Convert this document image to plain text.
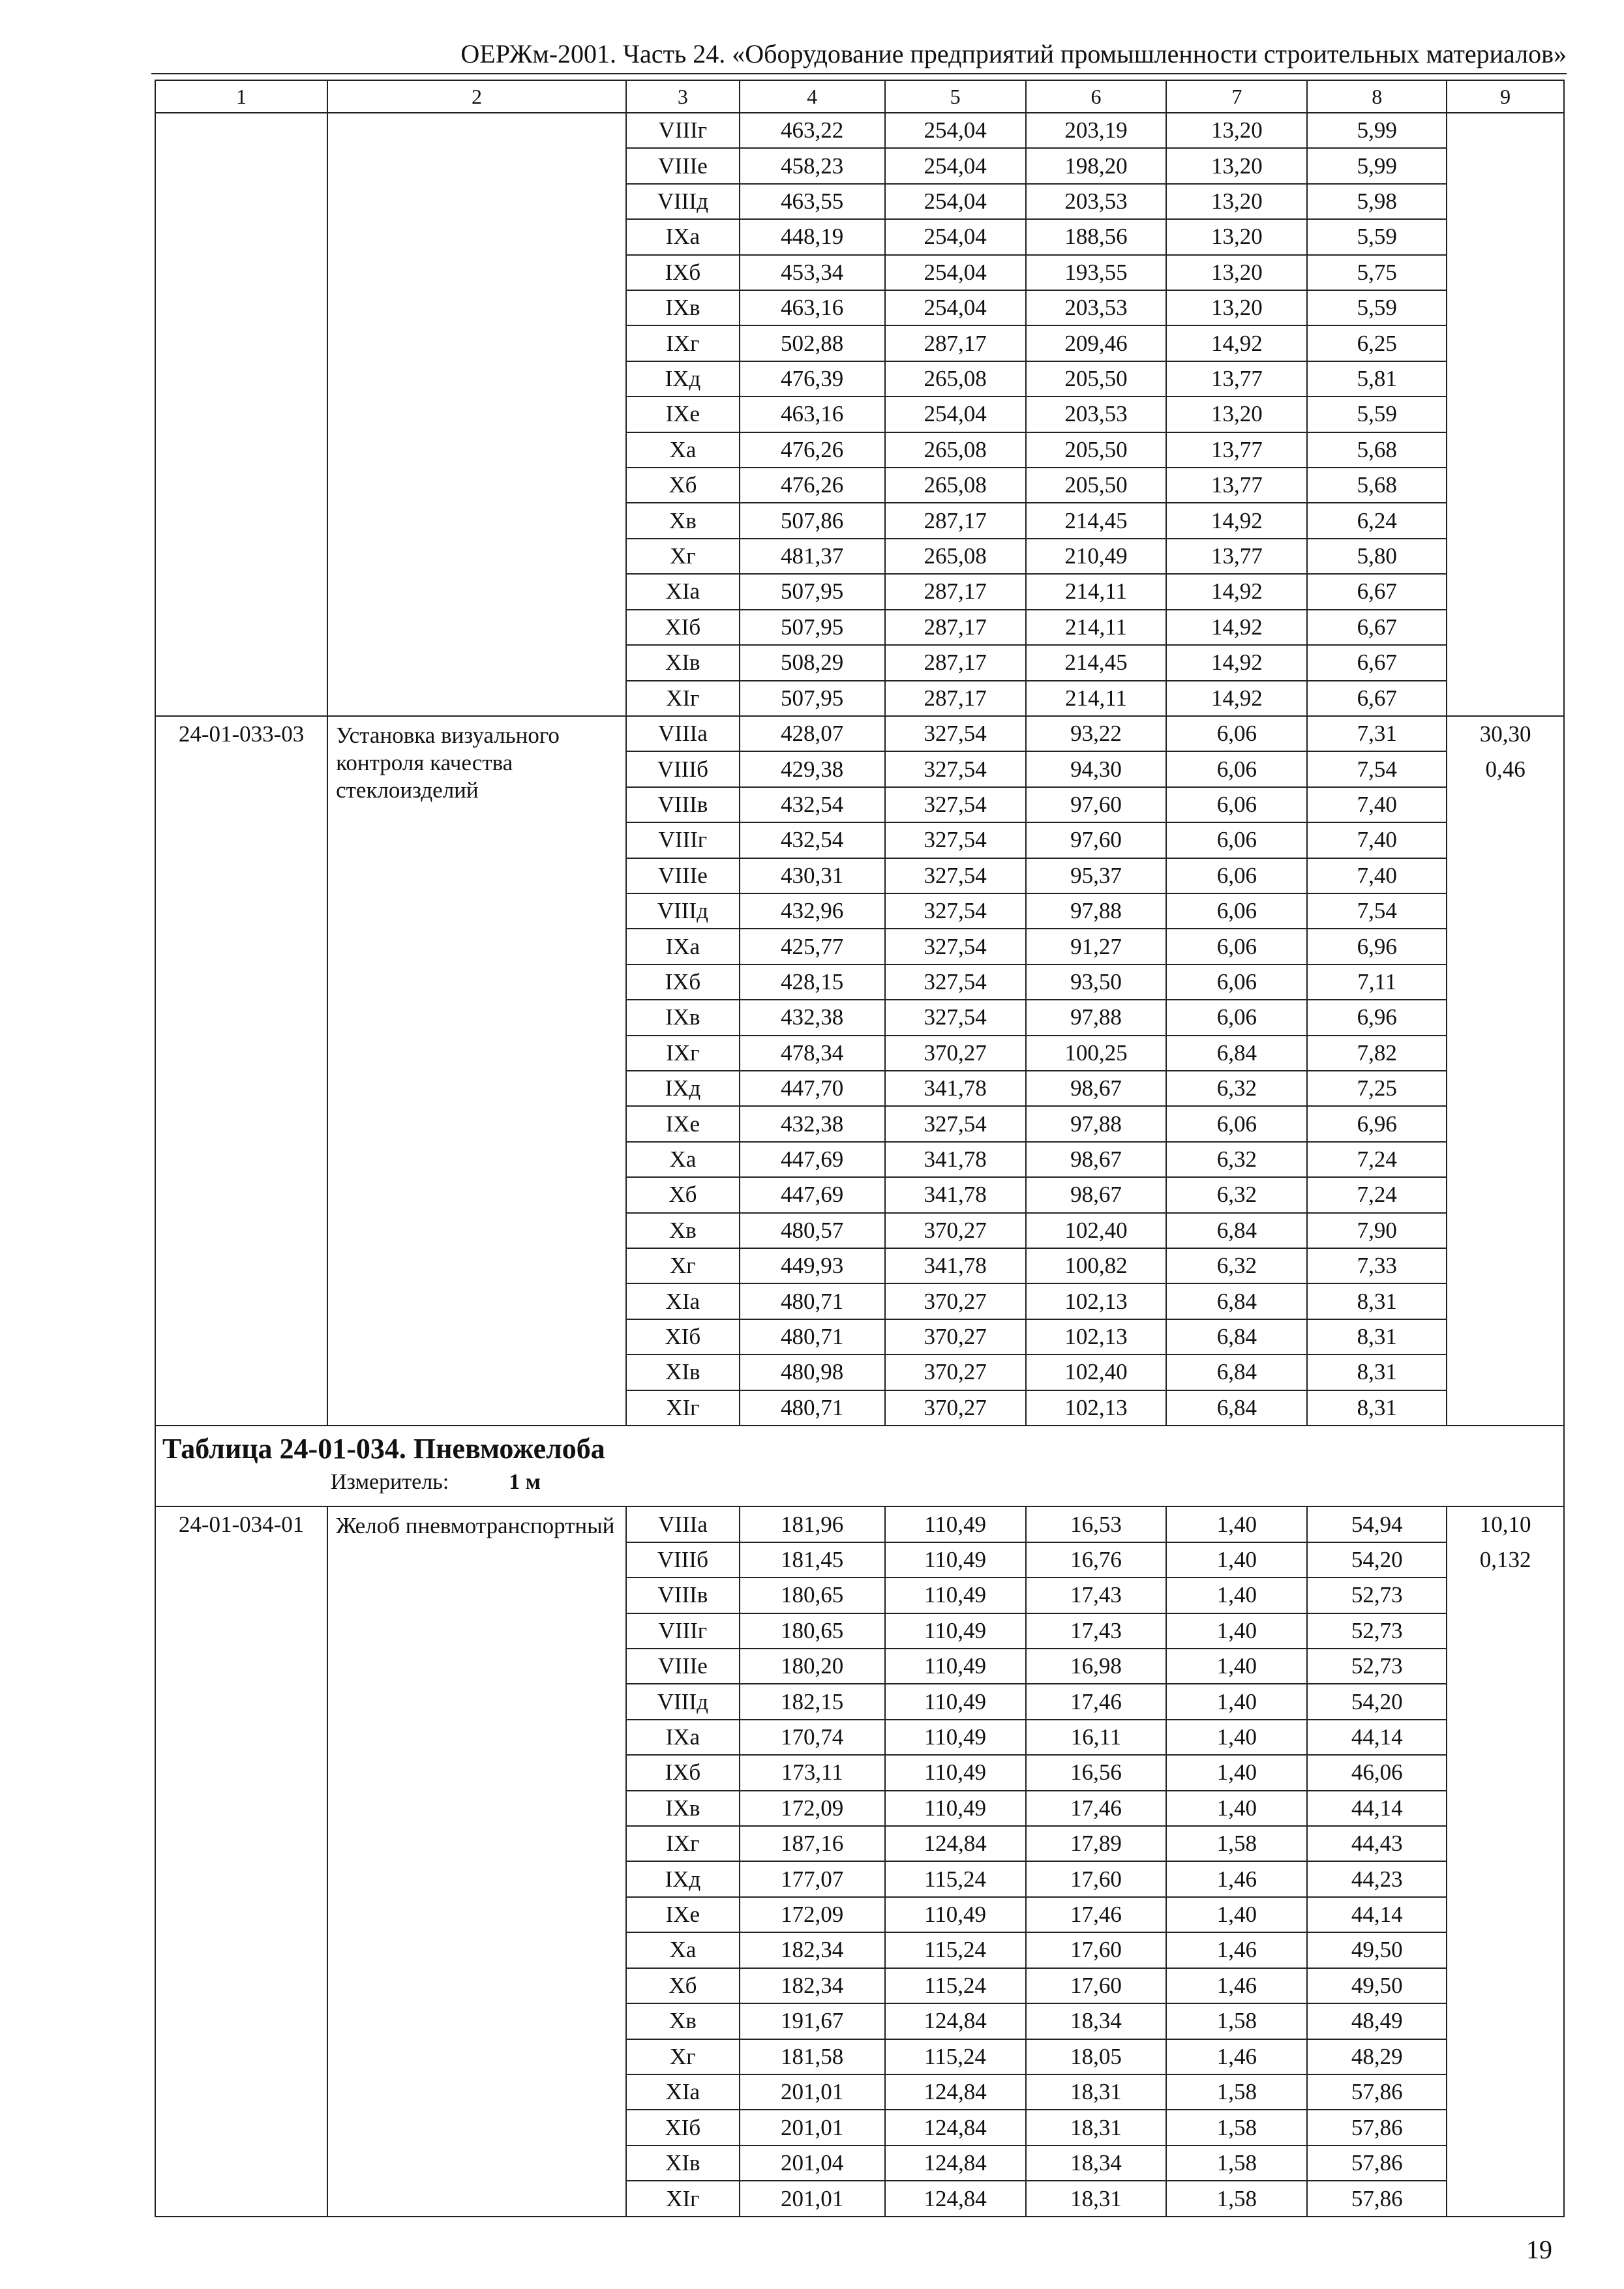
ОЕРЖм-2001. Часть 24. «Оборудование предприятий промышленности строительных материалов»
1	2	3	4	5	6	7	8	9
		VIIIг	463,22	254,04	203,19	13,20	5,99	
		VIIIе	458,23	254,04	198,20	13,20	5,99	
		VIIIд	463,55	254,04	203,53	13,20	5,98	
		IXа	448,19	254,04	188,56	13,20	5,59	
		IXб	453,34	254,04	193,55	13,20	5,75	
		IXв	463,16	254,04	203,53	13,20	5,59	
		IXг	502,88	287,17	209,46	14,92	6,25	
		IXд	476,39	265,08	205,50	13,77	5,81	
		IXе	463,16	254,04	203,53	13,20	5,59	
		Xа	476,26	265,08	205,50	13,77	5,68	
		Xб	476,26	265,08	205,50	13,77	5,68	
		Xв	507,86	287,17	214,45	14,92	6,24	
		Xг	481,37	265,08	210,49	13,77	5,80	
		XIа	507,95	287,17	214,11	14,92	6,67	
		XIб	507,95	287,17	214,11	14,92	6,67	
		XIв	508,29	287,17	214,45	14,92	6,67	
		XIг	507,95	287,17	214,11	14,92	6,67	
24-01-033-03	Установка визуального контроля качества стеклоизделий	VIIIа	428,07	327,54	93,22	6,06	7,31	30,30
0,46

		VIIIб	429,38	327,54	94,30	6,06	7,54	
		VIIIв	432,54	327,54	97,60	6,06	7,40	
		VIIIг	432,54	327,54	97,60	6,06	7,40	
		VIIIе	430,31	327,54	95,37	6,06	7,40	
		VIIIд	432,96	327,54	97,88	6,06	7,54	
		IXа	425,77	327,54	91,27	6,06	6,96	
		IXб	428,15	327,54	93,50	6,06	7,11	
		IXв	432,38	327,54	97,88	6,06	6,96	
		IXг	478,34	370,27	100,25	6,84	7,82	
		IXд	447,70	341,78	98,67	6,32	7,25	
		IXе	432,38	327,54	97,88	6,06	6,96	
		Xа	447,69	341,78	98,67	6,32	7,24	
		Xб	447,69	341,78	98,67	6,32	7,24	
		Xв	480,57	370,27	102,40	6,84	7,90	
		Xг	449,93	341,78	100,82	6,32	7,33	
		XIа	480,71	370,27	102,13	6,84	8,31	
		XIб	480,71	370,27	102,13	6,84	8,31	
		XIв	480,98	370,27	102,40	6,84	8,31	
		XIг	480,71	370,27	102,13	6,84	8,31	

Таблица 24-01-034. Пневможелоба
Измеритель: 1 м								

24-01-034-01	Желоб пневмотранспортный	VIIIа	181,96	110,49	16,53	1,40	54,94	10,10
0,132

		VIIIб	181,45	110,49	16,76	1,40	54,20	
		VIIIв	180,65	110,49	17,43	1,40	52,73	
		VIIIг	180,65	110,49	17,43	1,40	52,73	
		VIIIе	180,20	110,49	16,98	1,40	52,73	
		VIIIд	182,15	110,49	17,46	1,40	54,20	
		IXа	170,74	110,49	16,11	1,40	44,14	
		IXб	173,11	110,49	16,56	1,40	46,06	
		IXв	172,09	110,49	17,46	1,40	44,14	
		IXг	187,16	124,84	17,89	1,58	44,43	
		IXд	177,07	115,24	17,60	1,46	44,23	
		IXе	172,09	110,49	17,46	1,40	44,14	
		Xа	182,34	115,24	17,60	1,46	49,50	
		Xб	182,34	115,24	17,60	1,46	49,50	
		Xв	191,67	124,84	18,34	1,58	48,49	
		Xг	181,58	115,24	18,05	1,46	48,29	
		XIа	201,01	124,84	18,31	1,58	57,86	
		XIб	201,01	124,84	18,31	1,58	57,86	
		XIв	201,04	124,84	18,34	1,58	57,86	
		XIг	201,01	124,84	18,31	1,58	57,86	
19
